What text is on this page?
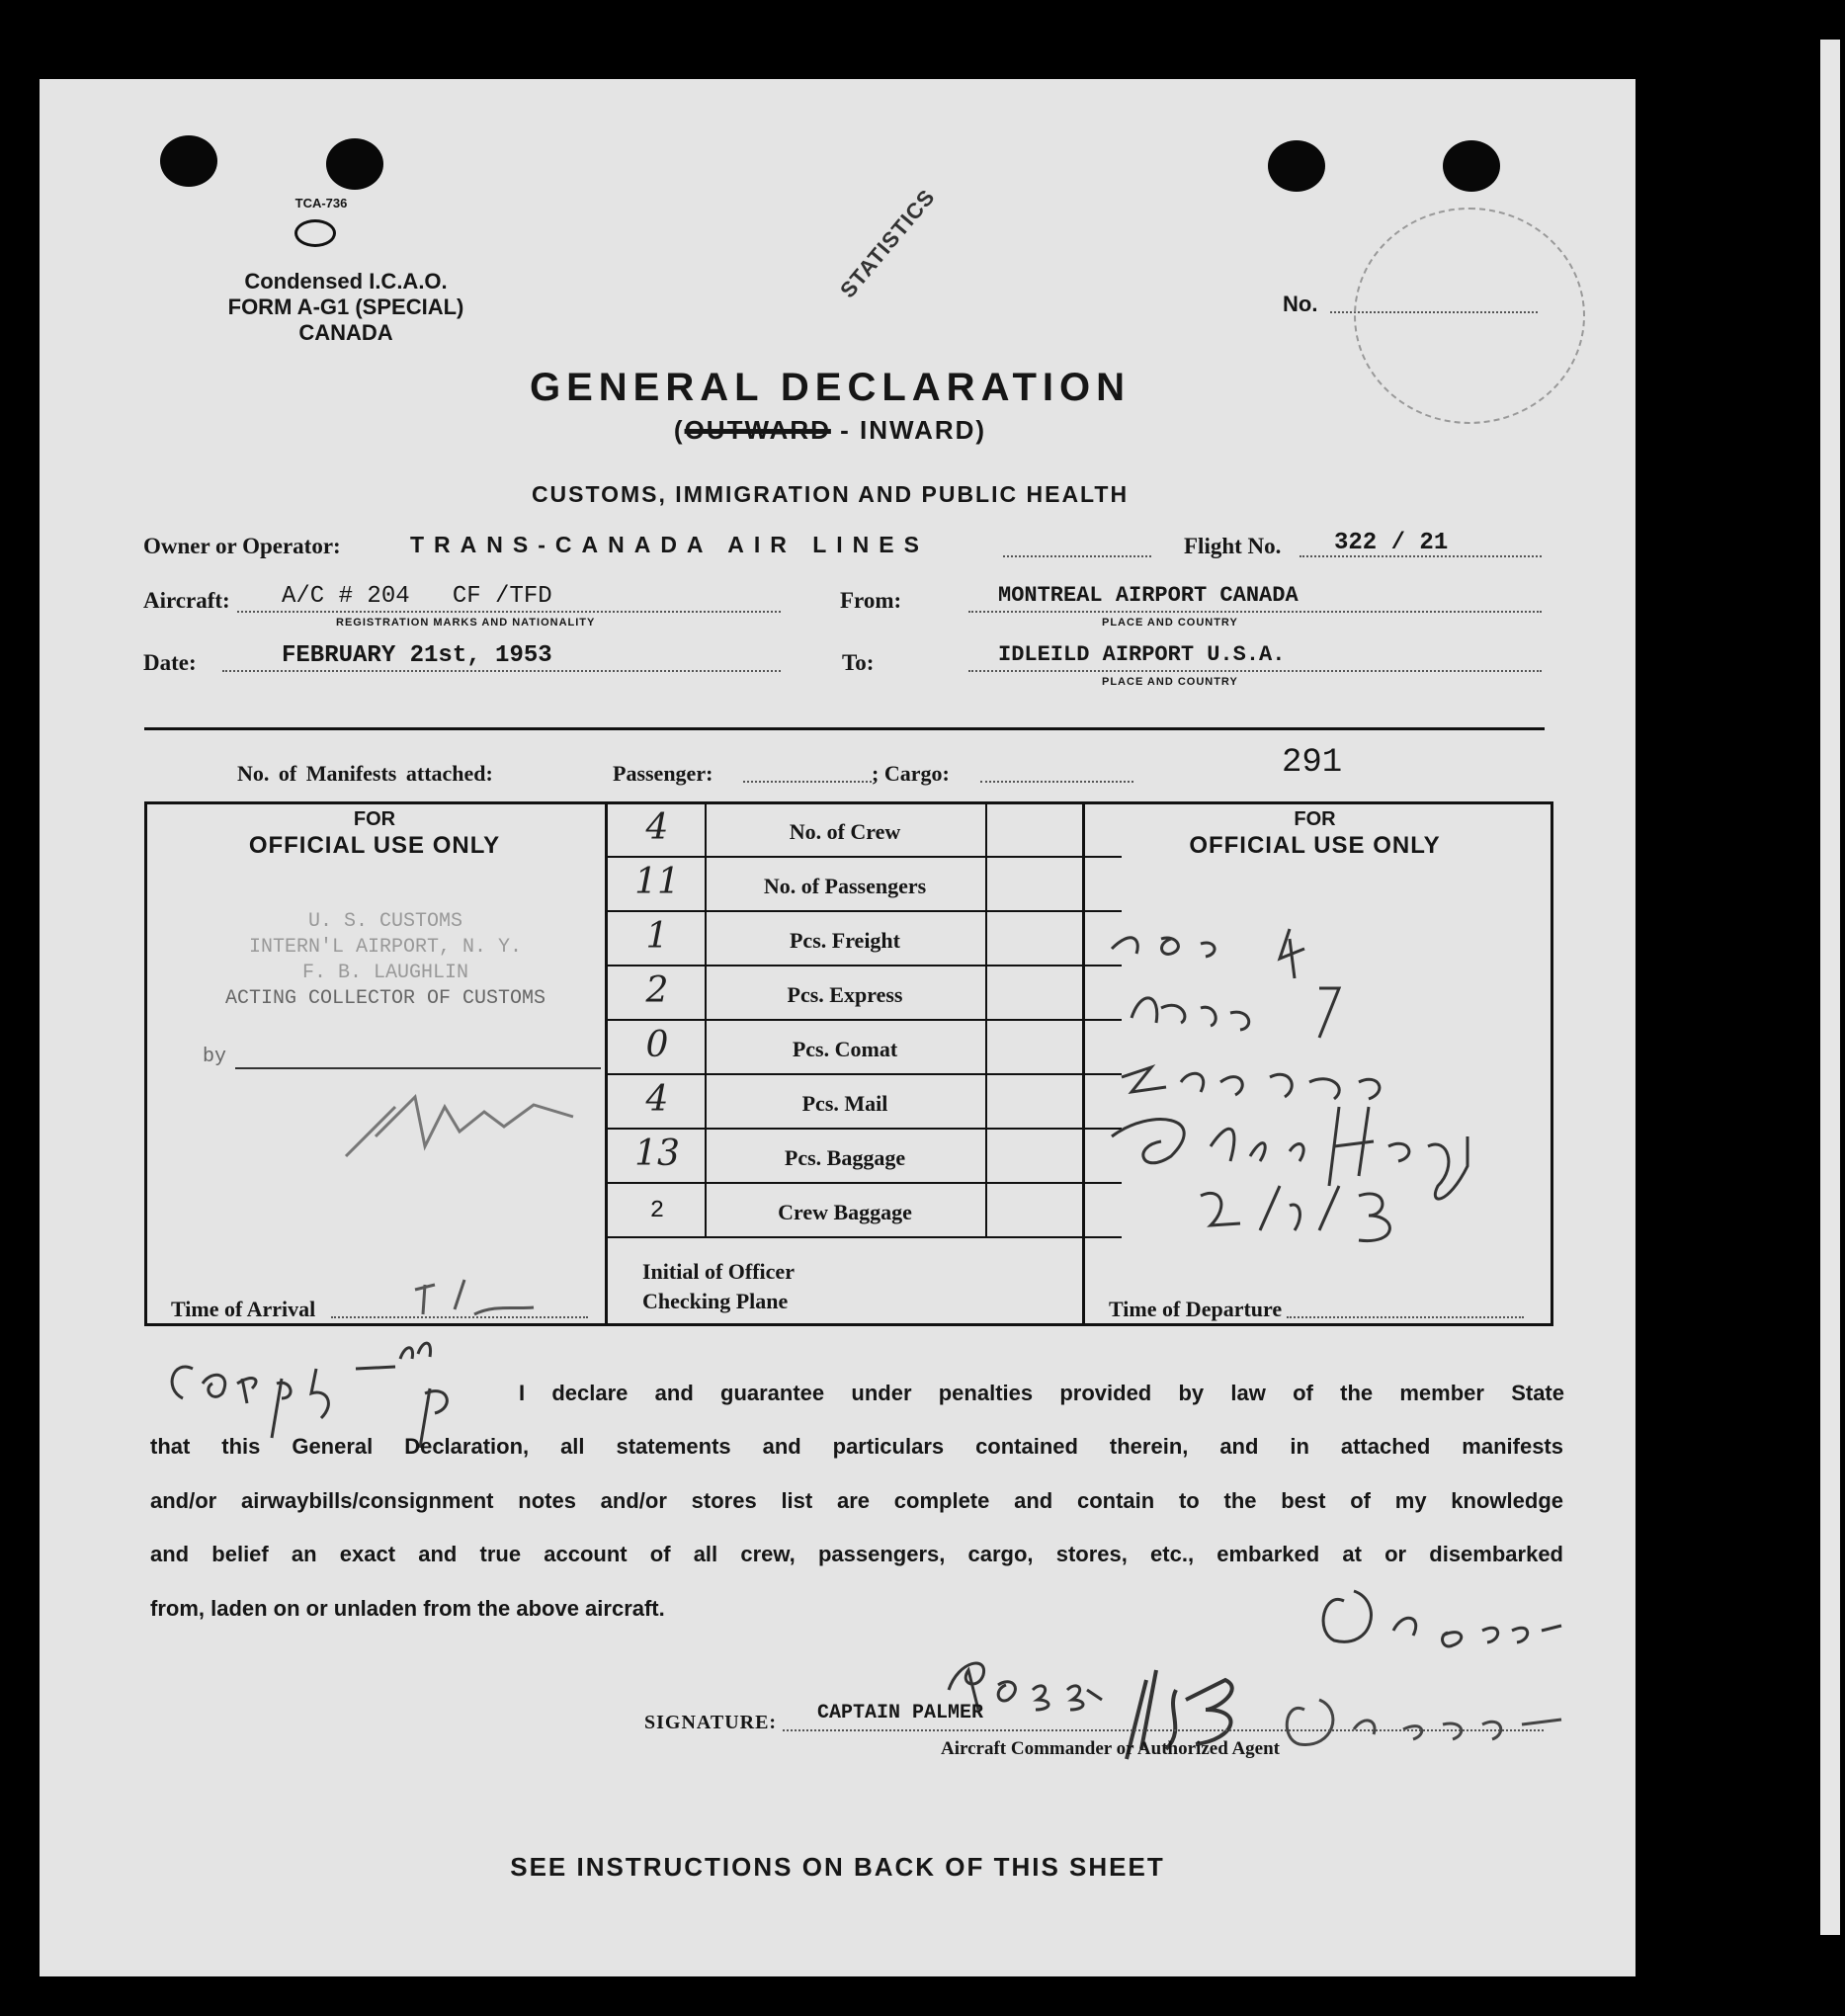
TCA-736
Condensed I.C.A.O.
FORM A-G1 (SPECIAL)
CANADA
STATISTICS
No.
GENERAL DECLARATION
(OUTWARD - INWARD)
CUSTOMS, IMMIGRATION AND PUBLIC HEALTH
Owner or Operator:	TRANS-CANADA AIR LINES	Flight No. 322 / 21
Aircraft: A/C # 204   CF /TFD
REGISTRATION MARKS AND NATIONALITY
From:	MONTREAL AIRPORT CANADA
PLACE AND COUNTRY
Date:	FEBRUARY 21st, 1953	To:	IDLEILD AIRPORT U.S.A.
PLACE AND COUNTRY
No. of Manifests attached:	Passenger:	; Cargo:	291
4	No. of Crew
11	No. of Passengers
1	Pcs. Freight
2	Pcs. Express
0	Pcs. Comat
4	Pcs. Mail
13	Pcs. Baggage
2	Crew Baggage
Initial of Officer
Checking Plane
FOR
OFFICIAL USE ONLY
U. S. CUSTOMS
INTERN'L AIRPORT, N. Y.
F. B. LAUGHLIN
ACTING COLLECTOR OF CUSTOMS
by
Time of Arrival
FOR
OFFICIAL USE ONLY
Time of Departure
I declare and guarantee under penalties provided by law of the member State
that this General Declaration, all statements and particulars contained therein, and in attached manifests
and/or airwaybills/consignment notes and/or stores list are complete and contain to the best of my knowledge
and belief an exact and true account of all crew, passengers, cargo, stores, etc., embarked at or disembarked
from, laden on or unladen from the above aircraft.
SIGNATURE: CAPTAIN PALMER
Aircraft Commander or Authorized Agent
SEE INSTRUCTIONS ON BACK OF THIS SHEET
